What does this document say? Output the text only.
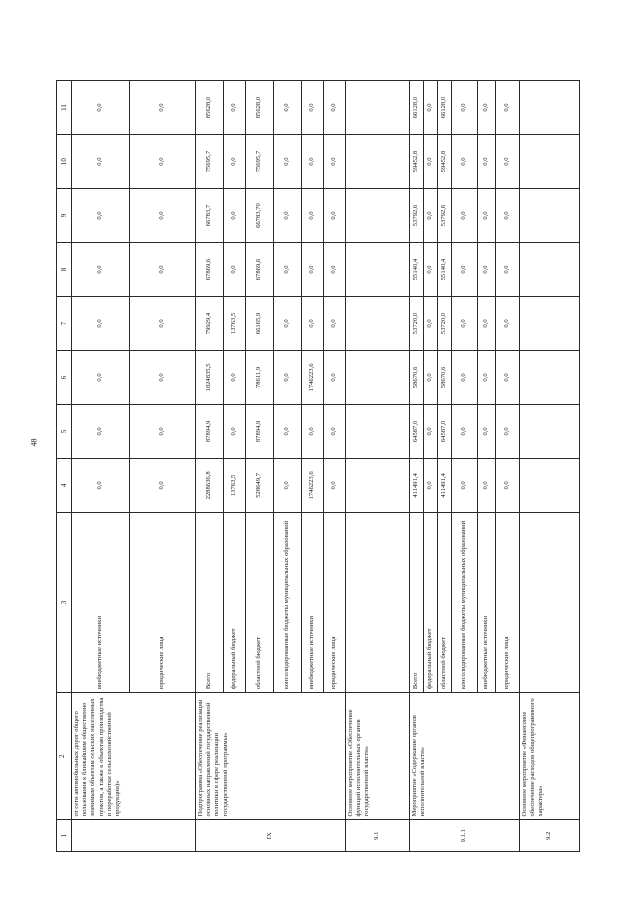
48
1	2	3	4	5	6	7	8	9	10	11
	от сети автомобильных дорог общего пользования к ближайшим общественно значимым объектам сельских населенных пунктов, а также к объектам производства и переработки сельскохозяйственной продукции)»	внебюджетные источники	0,0	0,0	0,0	0,0	0,0	0,0	0,0	0,0
		юридические лица	0,0	0,0	0,0	0,0	0,0	0,0	0,0	0,0
IX	Подпрограмма «Обеспечение реализации основных направлений государственной политики в сфере реализации государственной программы»	Всего	2288636,8	87894,9	1824835,5	79929,4	67869,6	66783,7	75695,7	85628,0
		федеральный бюджет	13763,5	0,0	0,0	13763,5	0,0	0,0	0,0	0,0
		областной бюджет	528649,7	87894,9	78611,9	66165,9	67869,6	66783,70	75695,7	85628,0
		консолидированные бюджеты муниципальных образований	0,0	0,0	0,0	0,0	0,0	0,0	0,0	0,0
		внебюджетные источники	1746223,6	0,0	1746223,6	0,0	0,0	0,0	0,0	0,0
		юридические лица	0,0	0,0	0,0	0,0	0,0	0,0	0,0	0,0
9.1	Основное мероприятие «Обеспечение функций исполнительных органов государственной власти»									
9.1.1	Мероприятие «Содержание органов исполнительной власти»	Всего	411491,4	64587,0	58670,6	53720,0	55140,4	53792,6	59452,8	66128,0
		федеральный бюджет	0,0	0,0	0,0	0,0	0,0	0,0	0,0	0,0
		областной бюджет	411491,4	64587,0	58670,6	53720,0	55140,4	53792,6	59452,8	66128,0
		консолидированные бюджеты муниципальных образований	0,0	0,0	0,0	0,0	0,0	0,0	0,0	0,0
		внебюджетные источники	0,0	0,0	0,0	0,0	0,0	0,0	0,0	0,0
		юридические лица	0,0	0,0	0,0	0,0	0,0	0,0	0,0	0,0
9.2	Основное мероприятие «Финансовое обеспечение расходов общепрограммного характера»									
